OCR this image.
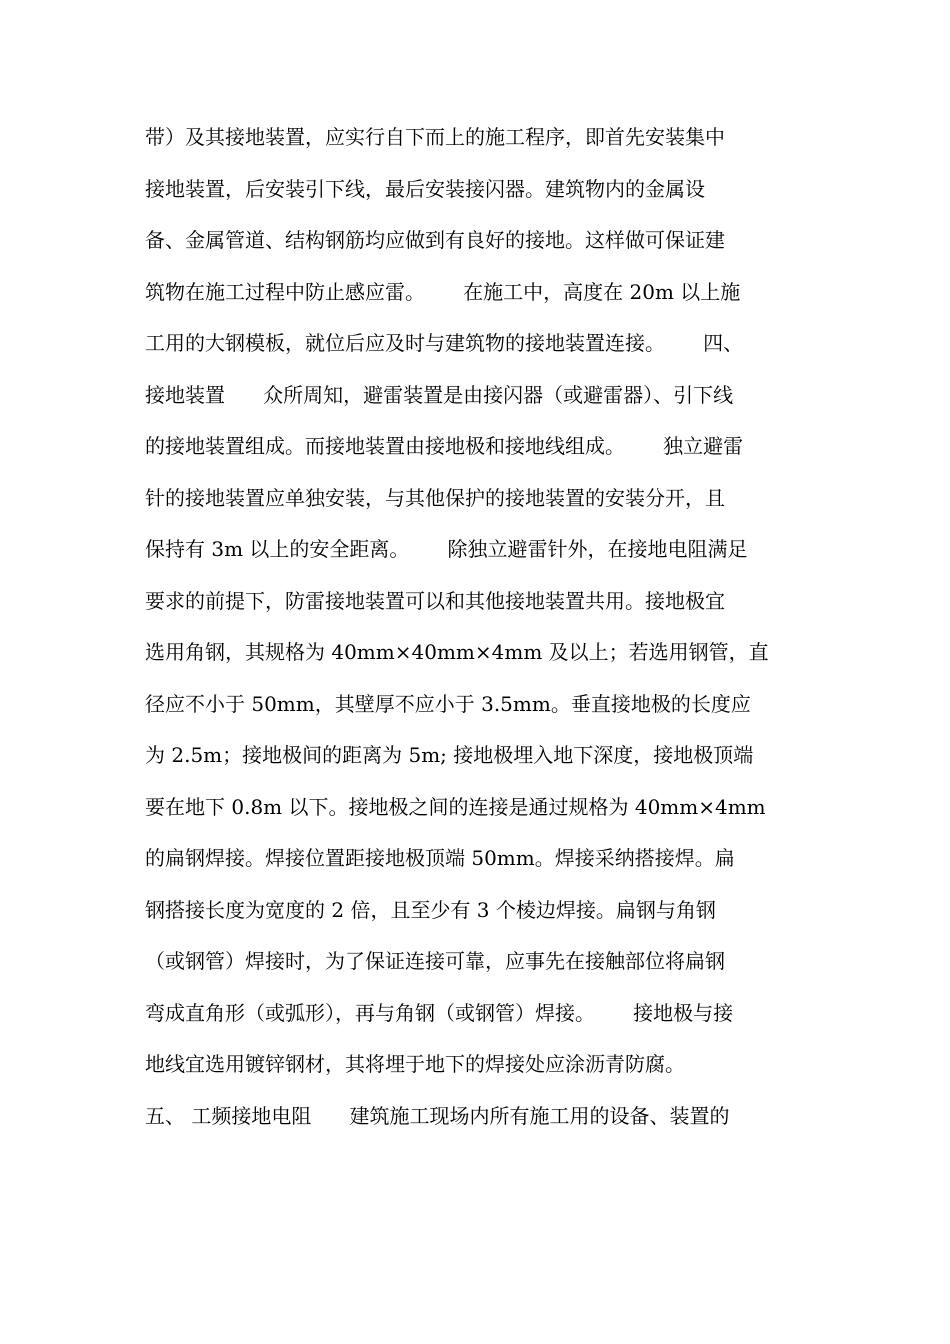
带）及其接地装置，应实行自下而上的施工程序，即首先安装集中
接地装置，后安装引下线，最后安装接闪器。建筑物内的金属设
备、金属管道、结构钢筋均应做到有良好的接地。这样做可保证建
筑物在施工过程中防止感应雷。      在施工中，高度在 20m 以上施
工用的大钢模板，就位后应及时与建筑物的接地装置连接。      四、
接地装置      众所周知，避雷装置是由接闪器（或避雷器）、引下线
的接地装置组成。而接地装置由接地极和接地线组成。      独立避雷
针的接地装置应单独安装，与其他保护的接地装置的安装分开，且
保持有 3m 以上的安全距离。      除独立避雷针外，在接地电阻满足
要求的前提下，防雷接地装置可以和其他接地装置共用。接地极宜
选用角钢，其规格为 40mm×40mm×4mm 及以上；若选用钢管，直
径应不小于 50mm，其壁厚不应小于 3.5mm。垂直接地极的长度应
为 2.5m；接地极间的距离为 5m; 接地极埋入地下深度，接地极顶端
要在地下 0.8m 以下。接地极之间的连接是通过规格为 40mm×4mm
的扁钢焊接。焊接位置距接地极顶端 50mm。焊接采纳搭接焊。扁
钢搭接长度为宽度的 2 倍，且至少有 3 个棱边焊接。扁钢与角钢
（或钢管）焊接时，为了保证连接可靠，应事先在接触部位将扁钢
弯成直角形（或弧形），再与角钢（或钢管）焊接。      接地极与接
地线宜选用镀锌钢材，其将埋于地下的焊接处应涂沥青防腐。
五、 工频接地电阻      建筑施工现场内所有施工用的设备、装置的
